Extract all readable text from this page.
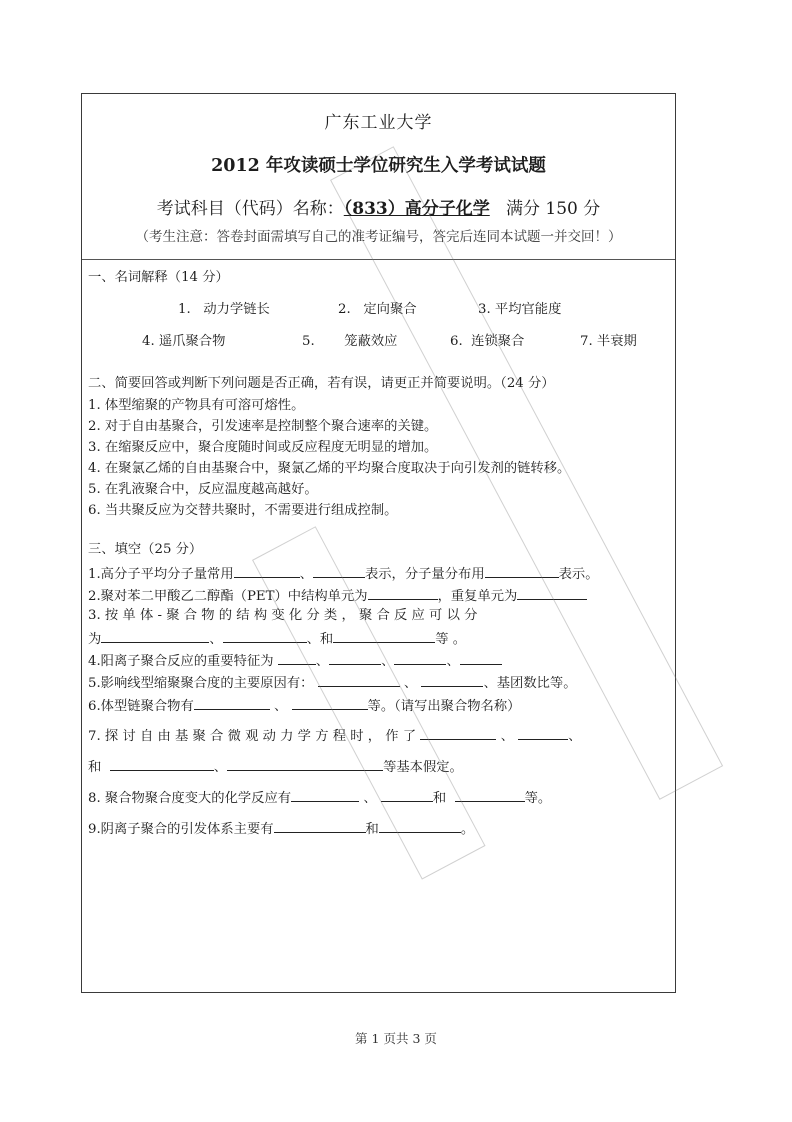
广东工业大学
2012 年攻读硕士学位研究生入学考试试题
考试科目（代码）名称：（833）高分子化学 满分 150 分
（考生注意：答卷封面需填写自己的准考证编号，答完后连同本试题一并交回！）
一、名词解释（14 分）
1. 动力学链长	2. 定向聚合	3. 平均官能度
4. 遥爪聚合物	5. 笼蔽效应	6. 连锁聚合	7. 半衰期
二、简要回答或判断下列问题是否正确，若有误，请更正并简要说明。（24 分）
1. 体型缩聚的产物具有可溶可熔性。
2. 对于自由基聚合，引发速率是控制整个聚合速率的关键。
3. 在缩聚反应中，聚合度随时间或反应程度无明显的增加。
4. 在聚氯乙烯的自由基聚合中，聚氯乙烯的平均聚合度取决于向引发剂的链转移。
5. 在乳液聚合中，反应温度越高越好。
6. 当共聚反应为交替共聚时，不需要进行组成控制。
三、填空（25 分）
1.高分子平均分子量常用	、	表示，分子量分布用	表示。
2.聚对苯二甲酸乙二醇酯（PET）中结构单元为	，重复单元为
3. 按 单 体 - 聚 合 物 的 结 构 变 化 分 类 ， 聚 合 反 应 可 以 分
为	、	、和	等 。
4.阳离子聚合反应的重要特征为	、	、	、
5.影响线型缩聚聚合度的主要原因有：	、	、基团数比等。
6.体型链聚合物有	、	等。（请写出聚合物名称）
7. 探 讨 自 由 基 聚 合 微 观 动 力 学 方 程 时 ， 作 了	、	、
和	、	等基本假定。
8. 聚合物聚合度变大的化学反应有	、	和	等。
9.阴离子聚合的引发体系主要有	和	。
第 1 页共 3 页
